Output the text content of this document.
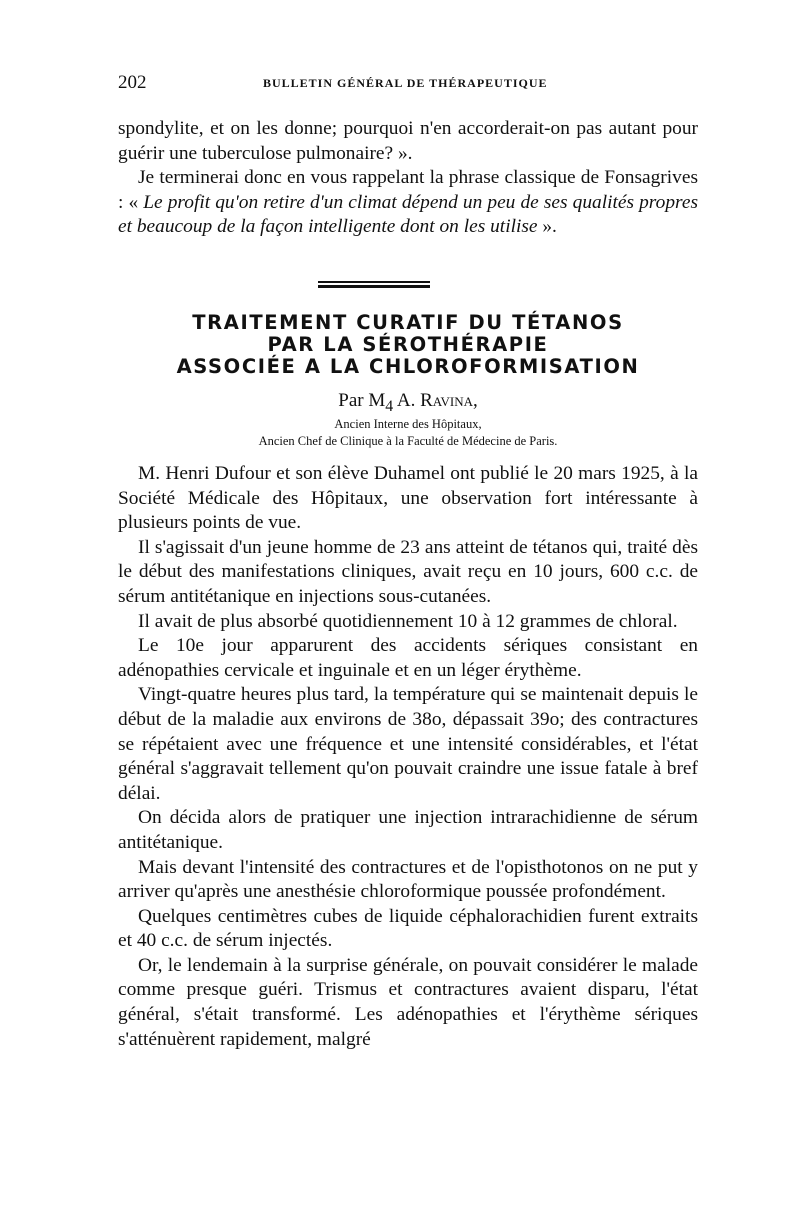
202	BULLETIN GÉNÉRAL DE THÉRAPEUTIQUE

spondylite, et on les donne; pourquoi n'en accorderait-on pas autant pour guérir une tuberculose pulmonaire? ».

Je terminerai donc en vous rappelant la phrase classique de Fonsagrives : « Le profit qu'on retire d'un climat dépend un peu de ses qualités propres et beaucoup de la façon intelligente dont on les utilise ».

TRAITEMENT CURATIF DU TÉTANOS
PAR LA SÉROTHÉRAPIE
ASSOCIÉE A LA CHLOROFORMISATION
Par $M_4$ A. Ravina,
Ancien Interne des Hôpitaux,
Ancien Chef de Clinique à la Faculté de Médecine de Paris.

M. Henri Dufour et son élève Duhamel ont publié le 20 mars 1925, à la Société Médicale des Hôpitaux, une observation fort intéressante à plusieurs points de vue.

Il s'agissait d'un jeune homme de 23 ans atteint de tétanos qui, traité dès le début des manifestations cliniques, avait reçu en 10 jours, 600 c.c. de sérum antitétanique en injections sous-cutanées.

Il avait de plus absorbé quotidiennement 10 à 12 grammes de chloral.

Le 10e jour apparurent des accidents sériques consistant en adénopathies cervicale et inguinale et en un léger érythème.

Vingt-quatre heures plus tard, la température qui se maintenait depuis le début de la maladie aux environs de 38o, dépassait 39o; des contractures se répétaient avec une fréquence et une intensité considérables, et l'état général s'aggravait tellement qu'on pouvait craindre une issue fatale à bref délai.

On décida alors de pratiquer une injection intrarachidienne de sérum antitétanique.

Mais devant l'intensité des contractures et de l'opisthotonos on ne put y arriver qu'après une anesthésie chloroformique poussée profondément.

Quelques centimètres cubes de liquide céphalorachidien furent extraits et 40 c.c. de sérum injectés.

Or, le lendemain à la surprise générale, on pouvait considérer le malade comme presque guéri. Trismus et contractures avaient disparu, l'état général, s'était transformé. Les adénopathies et l'érythème sériques s'atténuèrent rapidement, malgré
